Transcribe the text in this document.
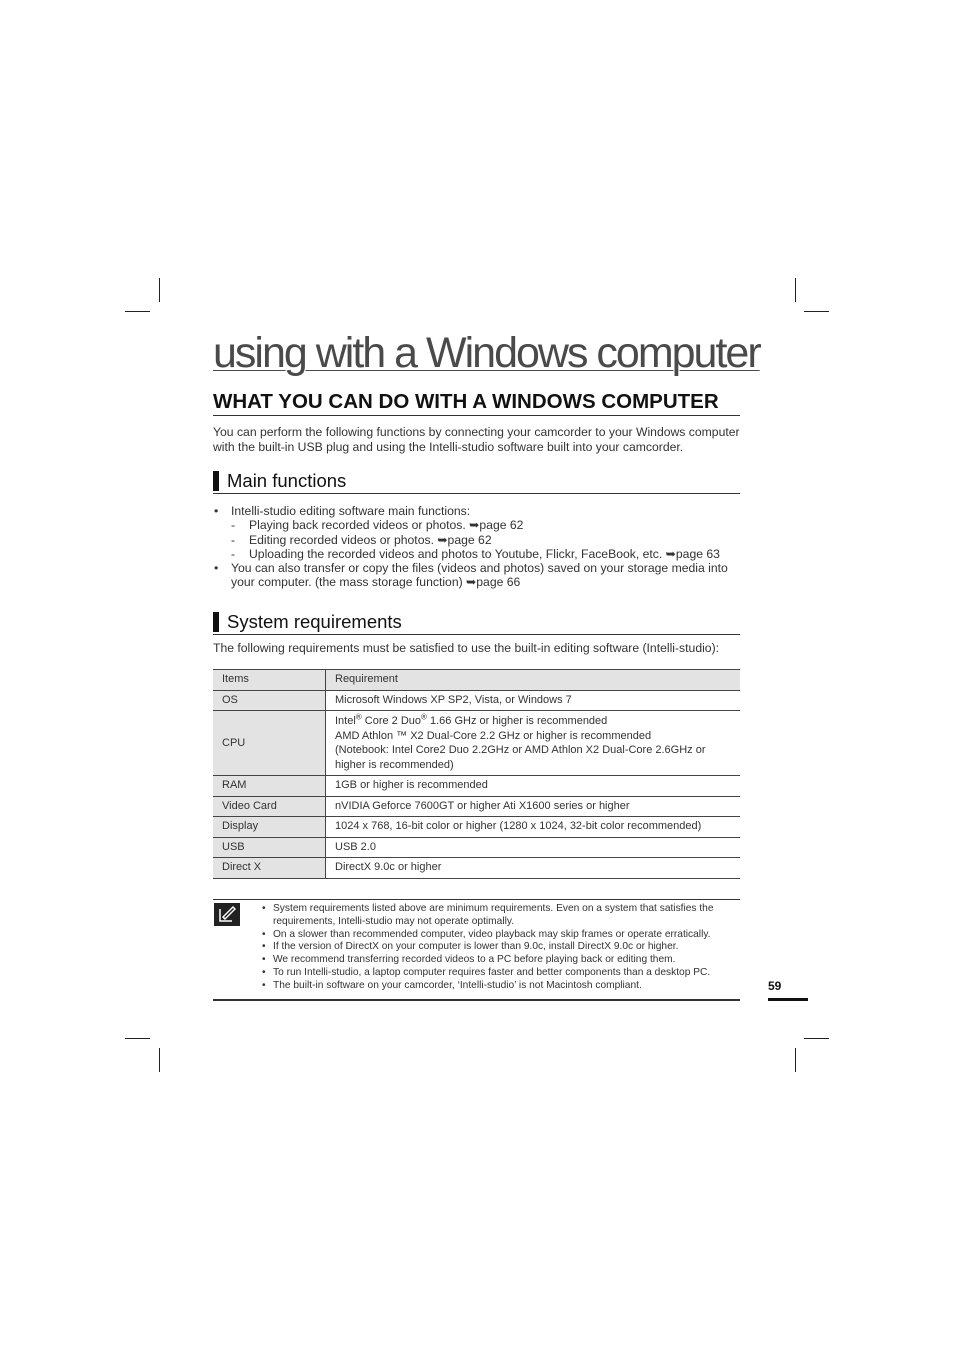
using with a Windows computer
WHAT YOU CAN DO WITH A WINDOWS COMPUTER
You can perform the following functions by connecting your camcorder to your Windows computer with the built-in USB plug and using the Intelli-studio software built into your camcorder.
Main functions
• Intelli-studio editing software main functions:
- Playing back recorded videos or photos. ➥page 62
- Editing recorded videos or photos. ➥page 62
- Uploading the recorded videos and photos to Youtube, Flickr, FaceBook, etc. ➥page 63
• You can also transfer or copy the files (videos and photos) saved on your storage media into your computer. (the mass storage function) ➥page 66
System requirements
The following requirements must be satisfied to use the built-in editing software (Intelli-studio):
Items	Requirement
OS	Microsoft Windows XP SP2, Vista, or Windows 7
CPU	Intel® Core 2 Duo® 1.66 GHz or higher is recommended
AMD Athlon ™ X2 Dual-Core 2.2 GHz or higher is recommended
(Notebook: Intel Core2 Duo 2.2GHz or AMD Athlon X2 Dual-Core 2.6GHz or higher is recommended)

RAM	1GB or higher is recommended
Video Card	nVIDIA Geforce 7600GT or higher Ati X1600 series or higher
Display	1024 x 768, 16-bit color or higher (1280 x 1024, 32-bit color recommended)
USB	USB 2.0
Direct X	DirectX 9.0c or higher
• System requirements listed above are minimum requirements. Even on a system that satisfies the requirements, Intelli-studio may not operate optimally.
• On a slower than recommended computer, video playback may skip frames or operate erratically.
• If the version of DirectX on your computer is lower than 9.0c, install DirectX 9.0c or higher.
• We recommend transferring recorded videos to a PC before playing back or editing them.
• To run Intelli-studio, a laptop computer requires faster and better components than a desktop PC.
• The built-in software on your camcorder, ‘Intelli-studio’ is not Macintosh compliant.	59
